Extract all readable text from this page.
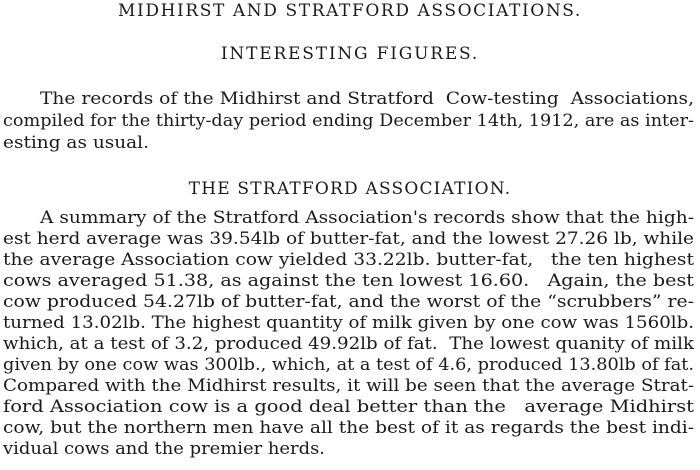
MIDHIRST AND STRATFORD ASSOCIATIONS.
INTERESTING FIGURES.
The records of the Midhirst and Stratford  Cow-testing  Associations,
compiled for the thirty-day period ending December 14th, 1912, are as inter-
esting as usual.
THE STRATFORD ASSOCIATION.
A summary of the Stratford Association's records show that the high-
est herd average was 39.54lb of butter-fat, and the lowest 27.26 lb, while
the average Association cow yielded 33.22lb. butter-fat,   the ten highest
cows averaged 51.38, as against the ten lowest 16.60.   Again, the best
cow produced 54.27lb of butter-fat, and the worst of the “scrubbers” re-
turned 13.02lb. The highest quantity of milk given by one cow was 1560lb.
which, at a test of 3.2, produced 49.92lb of fat.  The lowest quanity of milk
given by one cow was 300lb., which, at a test of 4.6, produced 13.80lb of fat.
Compared with the Midhirst results, it will be seen that the average Strat-
ford Association cow is a good deal better than the   average Midhirst
cow, but the northern men have all the best of it as regards the best indi-
vidual cows and the premier herds.
